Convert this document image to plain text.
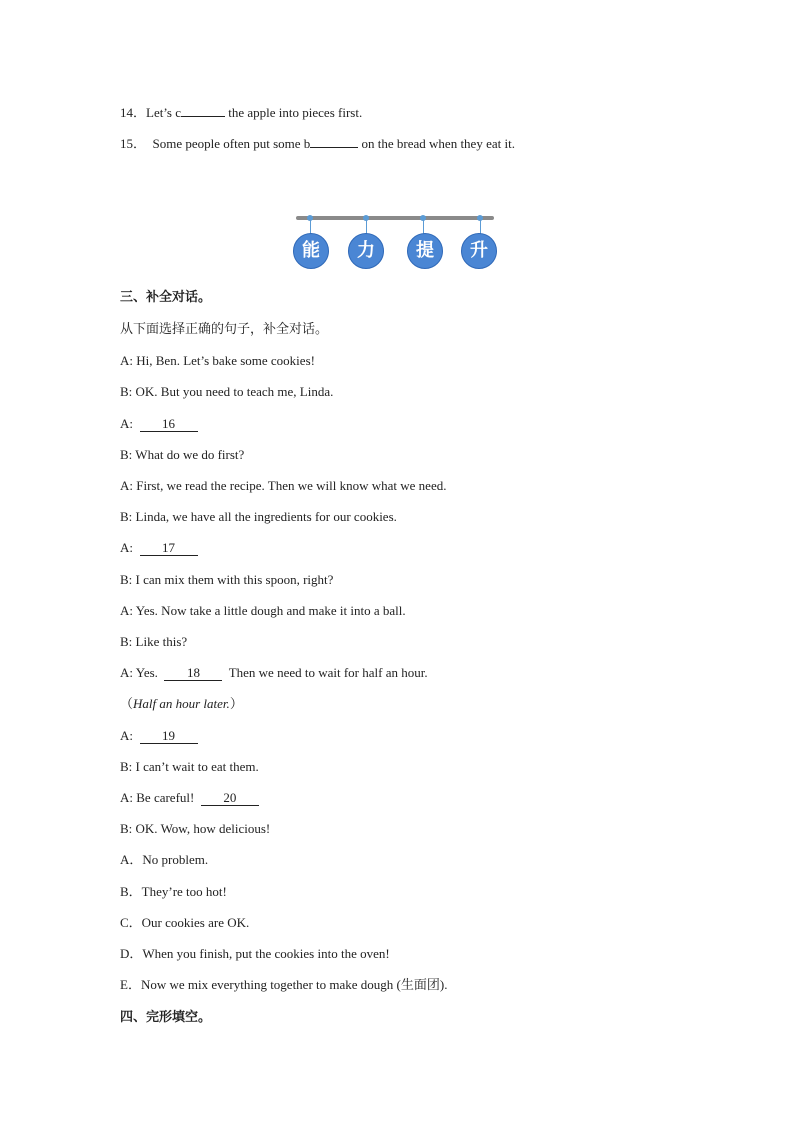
14．Let’s c	the apple into pieces first.
15．  Some people often put some b	on the bread when they eat it.
能	力	提	升
三、补全对话。
从下面选择正确的句子，补全对话。
A: Hi, Ben. Let’s bake some cookies!
B: OK. But you need to teach me, Linda.
A:  16
B: What do we do first?
A: First, we read the recipe. Then we will know what we need.
B: Linda, we have all the ingredients for our cookies.
A:  17
B: I can mix them with this spoon, right?
A: Yes. Now take a little dough and make it into a ball.
B: Like this?
A: Yes.  18  Then we need to wait for half an hour.
（Half an hour later.）
A:  19
B: I can’t wait to eat them.
A: Be careful!  20
B: OK. Wow, how delicious!
A．No problem.
B．They’re too hot!
C．Our cookies are OK.
D．When you finish, put the cookies into the oven!
E．Now we mix everything together to make dough (生面团).
四、完形填空。
